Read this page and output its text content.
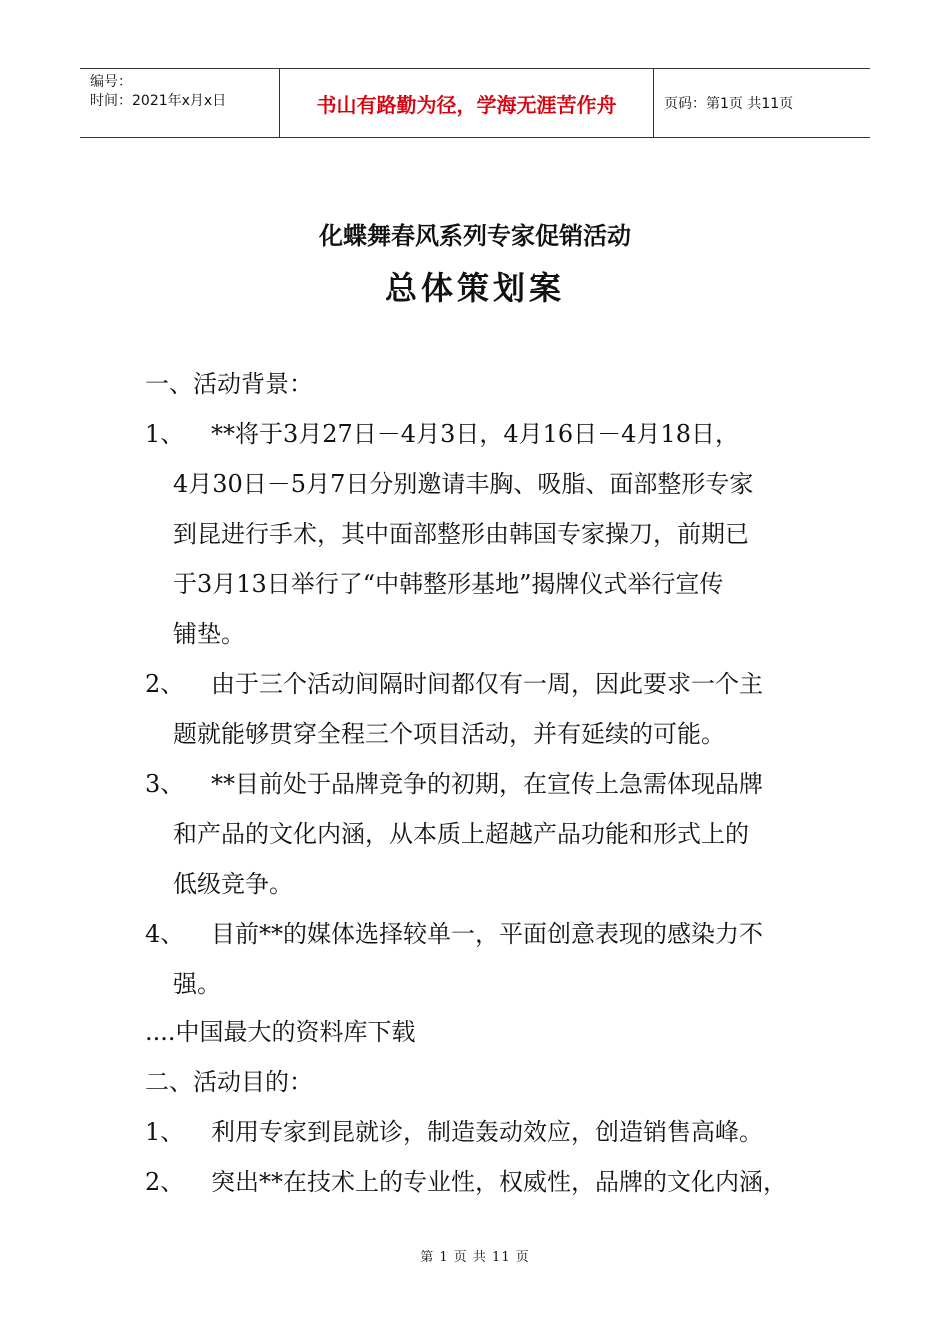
编号：
时间：2021年x月x日	书山有路勤为径，学海无涯苦作舟	页码：第1页 共11页
化蝶舞春风系列专家促销活动
总体策划案
一、活动背景：
1、 **将于3月27日－4月3日，4月16日－4月18日，
4月30日－5月7日分别邀请丰胸、吸脂、面部整形专家
到昆进行手术，其中面部整形由韩国专家操刀，前期已
于3月13日举行了“中韩整形基地”揭牌仪式举行宣传
铺垫。
2、 由于三个活动间隔时间都仅有一周，因此要求一个主
题就能够贯穿全程三个项目活动，并有延续的可能。
3、 **目前处于品牌竞争的初期，在宣传上急需体现品牌
和产品的文化内涵，从本质上超越产品功能和形式上的
低级竞争。
4、 目前**的媒体选择较单一，平面创意表现的感染力不
强。
....中国最大的资料库下载
二、活动目的：
1、 利用专家到昆就诊，制造轰动效应，创造销售高峰。
2、 突出**在技术上的专业性，权威性，品牌的文化内涵，
第 1 页 共 11 页
